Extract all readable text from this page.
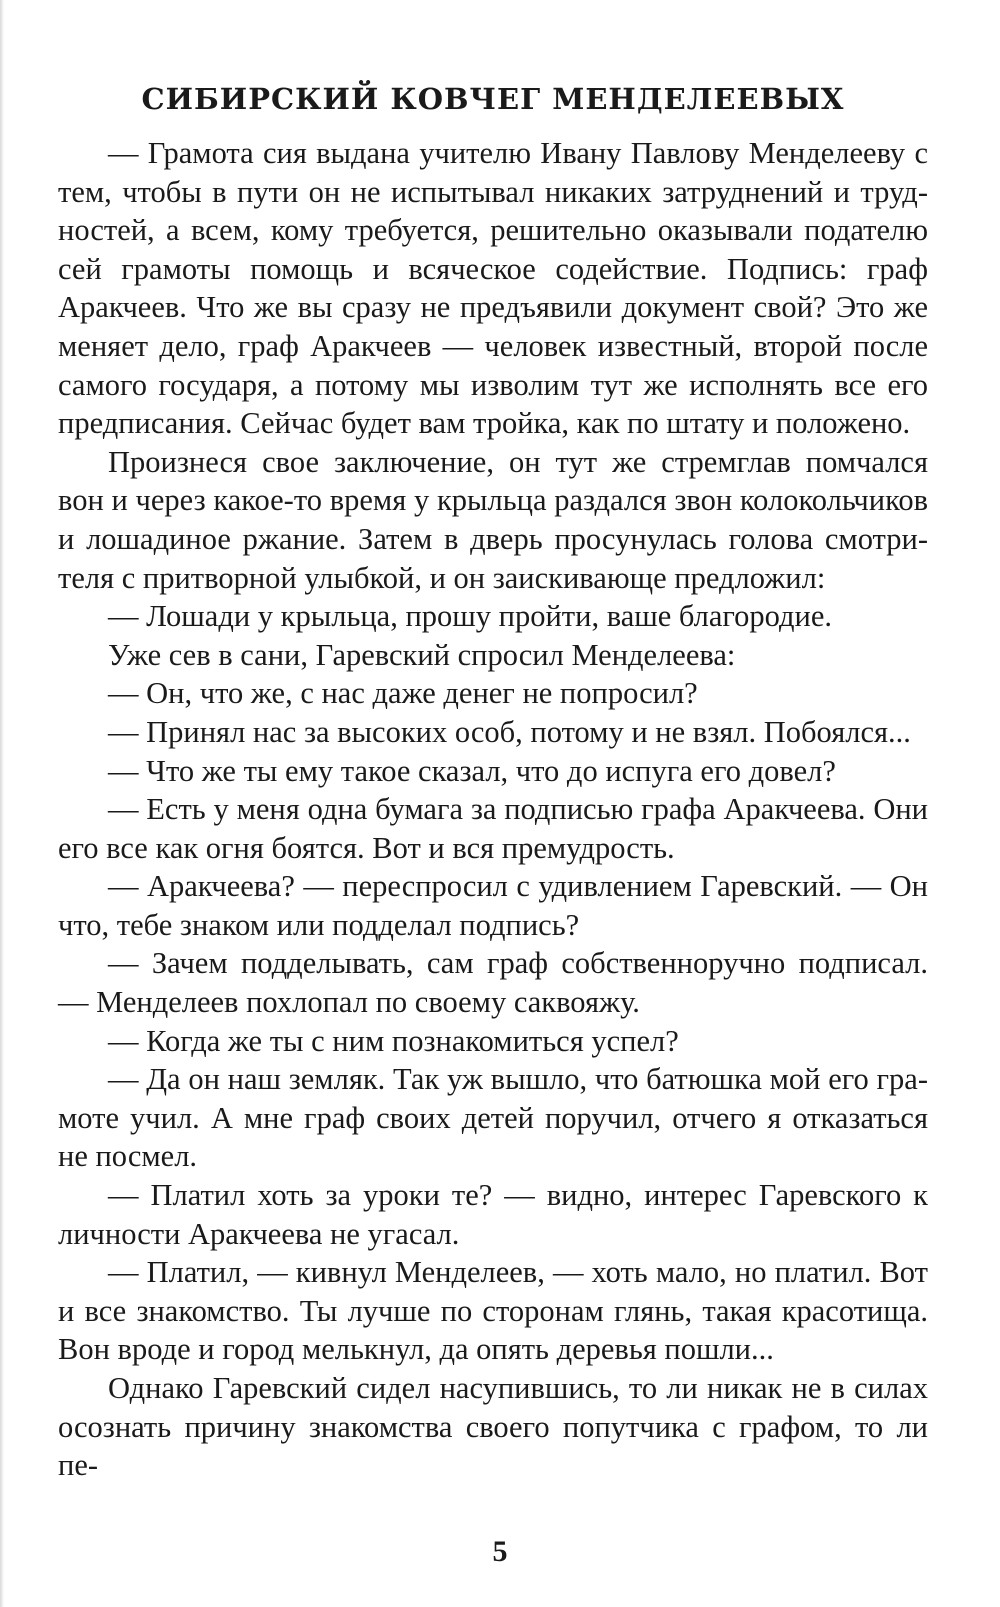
СИБИРСКИЙ КОВЧЕГ МЕНДЕЛЕЕВЫХ

— Грамота сия выдана учителю Ивану Павлову Менделееву с тем, чтобы в пути он не испытывал никаких затруднений и трудностей, а всем, кому требуется, решительно оказывали подателю сей грамоты помощь и всяческое содействие. Подпись: граф Аракчеев. Что же вы сразу не предъявили документ свой? Это же меняет дело, граф Аракчеев — человек известный, второй после самого государя, а потому мы изволим тут же исполнять все его предписания. Сейчас будет вам тройка, как по штату и положено.

Произнеся свое заключение, он тут же стремглав помчался вон и через какое-то время у крыльца раздался звон колокольчиков и лошадиное ржание. Затем в дверь просунулась голова смотрителя с притворной улыбкой, и он заискивающе предложил:

— Лошади у крыльца, прошу пройти, ваше благородие.

Уже сев в сани, Гаревский спросил Менделеева:

— Он, что же, с нас даже денег не попросил?

— Принял нас за высоких особ, потому и не взял. Побоялся...

— Что же ты ему такое сказал, что до испуга его довел?

— Есть у меня одна бумага за подписью графа Аракчеева. Они его все как огня боятся. Вот и вся премудрость.

— Аракчеева? — переспросил с удивлением Гаревский. — Он что, тебе знаком или подделал подпись?

— Зачем подделывать, сам граф собственноручно подписал. — Менделеев похлопал по своему саквояжу.

— Когда же ты с ним познакомиться успел?

— Да он наш земляк. Так уж вышло, что батюшка мой его грамоте учил. А мне граф своих детей поручил, отчего я отказаться не посмел.

— Платил хоть за уроки те? — видно, интерес Гаревского к личности Аракчеева не угасал.

— Платил, — кивнул Менделеев, — хоть мало, но платил. Вот и все знакомство. Ты лучше по сторонам глянь, такая красотища. Вон вроде и город мелькнул, да опять деревья пошли...

Однако Гаревский сидел насупившись, то ли никак не в силах осознать причину знакомства своего попутчика с графом, то ли пе-

5
